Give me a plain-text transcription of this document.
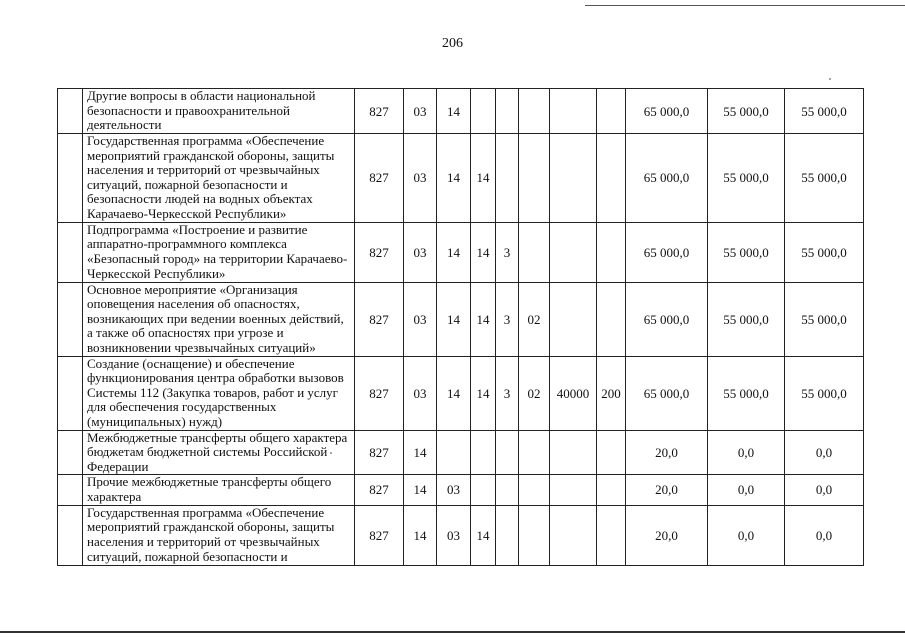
206
	Другие вопросы в области национальной безопасности и правоохранительной деятельности	827	03	14						65 000,0	55 000,0	55 000,0
	Государственная программа «Обеспечение мероприятий гражданской обороны, защиты населения и территорий от чрезвычайных ситуаций, пожарной безопасности и безопасности людей на водных объектах Карачаево-Черкесской Республики»	827	03	14	14					65 000,0	55 000,0	55 000,0
	Подпрограмма «Построение и развитие аппаратно-программного комплекса «Безопасный город» на территории Карачаево-Черкесской Республики»	827	03	14	14	3				65 000,0	55 000,0	55 000,0
	Основное мероприятие «Организация оповещения населения об опасностях, возникающих при ведении военных действий, а также об опасностях при угрозе и возникновении чрезвычайных ситуаций»	827	03	14	14	3	02			65 000,0	55 000,0	55 000,0
	Создание (оснащение) и обеспечение функционирования центра обработки вызовов Системы 112 (Закупка товаров, работ и услуг для обеспечения государственных (муниципальных) нужд)	827	03	14	14	3	02	40000	200	65 000,0	55 000,0	55 000,0
	Межбюджетные трансферты общего характера бюджетам бюджетной системы Российской Федерации	827	14							20,0	0,0	0,0
	Прочие межбюджетные трансферты общего характера	827	14	03						20,0	0,0	0,0
	Государственная программа «Обеспечение мероприятий гражданской обороны, защиты населения и территорий от чрезвычайных ситуаций, пожарной безопасности и	827	14	03	14					20,0	0,0	0,0
